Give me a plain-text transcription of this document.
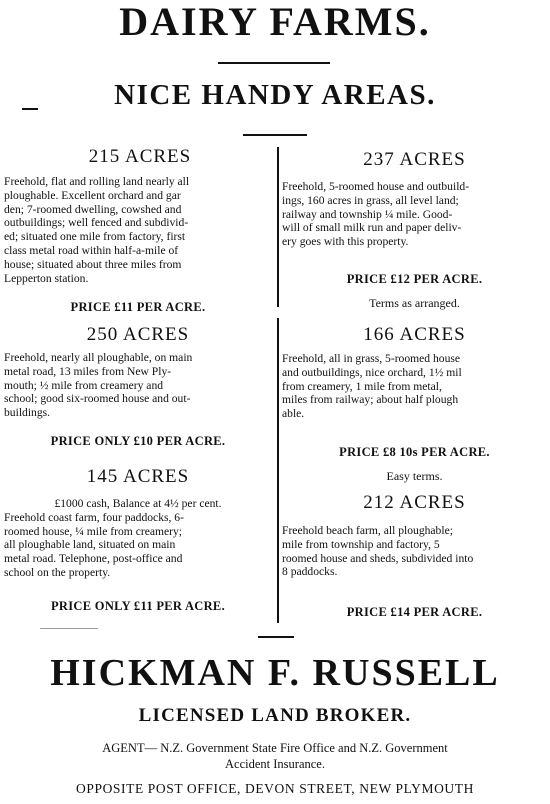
DAIRY FARMS.
NICE HANDY AREAS.
215 ACRES
Freehold, flat and rolling land nearly all
ploughable. Excellent orchard and gar
den; 7-roomed dwelling, cowshed and
outbuildings; well fenced and subdivid-
ed; situated one mile from factory, first
class metal road within half-a-mile of
house; situated about three miles from
Lepperton station.
PRICE £11 PER ACRE.
250 ACRES
Freehold, nearly all ploughable, on main
metal road, 13 miles from New Ply-
mouth; ½ mile from creamery and
school; good six-roomed house and out-
buildings.
PRICE ONLY £10 PER ACRE.
145 ACRES
£1000 cash, Balance at 4½ per cent.
Freehold coast farm, four paddocks, 6-
roomed house, ¼ mile from creamery;
all ploughable land, situated on main
metal road. Telephone, post-office and
school on the property.
PRICE ONLY £11 PER ACRE.
237 ACRES
Freehold, 5-roomed house and outbuild-
ings, 160 acres in grass, all level land;
railway and township ¼ mile. Good-
will of small milk run and paper deliv-
ery goes with this property.
PRICE £12 PER ACRE.
Terms as arranged.
166 ACRES
Freehold, all in grass, 5-roomed house
and outbuildings, nice orchard, 1½ mil
from creamery, 1 mile from metal,
miles from railway; about half plough
able.
PRICE £8 10s PER ACRE.
Easy terms.
212 ACRES
Freehold beach farm, all ploughable;
mile from township and factory, 5
roomed house and sheds, subdivided into
8 paddocks.
PRICE £14 PER ACRE.
HICKMAN F. RUSSELL
LICENSED LAND BROKER.
AGENT— N.Z. Government State Fire Office and N.Z. Government
Accident Insurance.
OPPOSITE POST OFFICE, DEVON STREET, NEW PLYMOUTH
